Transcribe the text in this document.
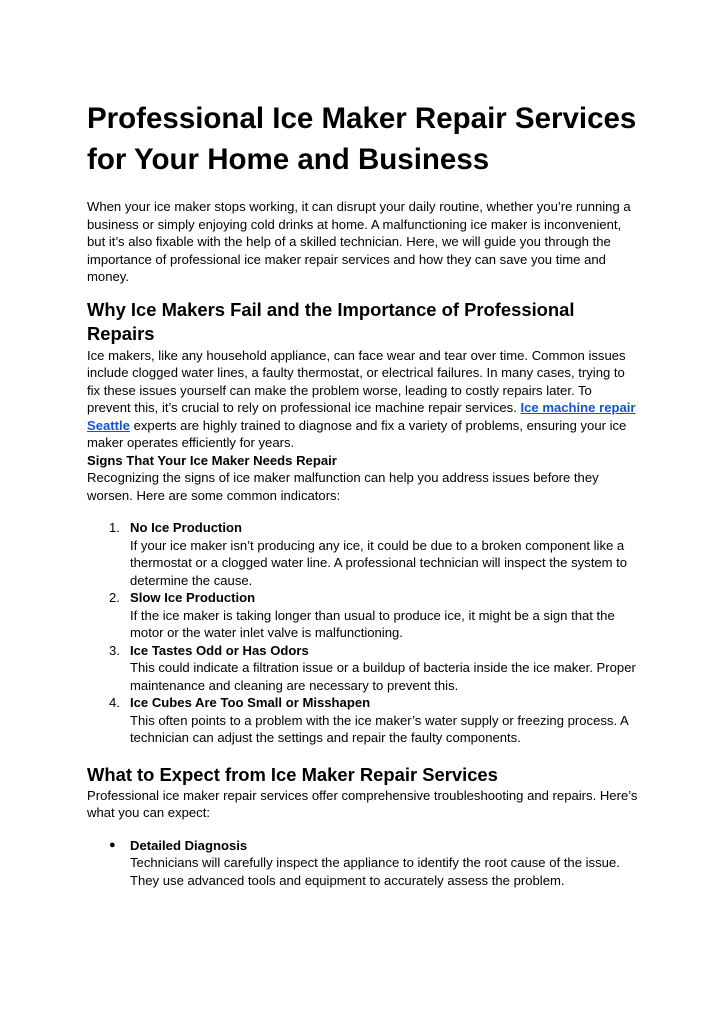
Professional Ice Maker Repair Services for Your Home and Business

When your ice maker stops working, it can disrupt your daily routine, whether you’re running a business or simply enjoying cold drinks at home. A malfunctioning ice maker is inconvenient, but it’s also fixable with the help of a skilled technician. Here, we will guide you through the importance of professional ice maker repair services and how they can save you time and money.

Why Ice Makers Fail and the Importance of Professional Repairs

Ice makers, like any household appliance, can face wear and tear over time. Common issues include clogged water lines, a faulty thermostat, or electrical failures. In many cases, trying to fix these issues yourself can make the problem worse, leading to costly repairs later. To prevent this, it’s crucial to rely on professional ice machine repair services. Ice machine repair Seattle experts are highly trained to diagnose and fix a variety of problems, ensuring your ice maker operates efficiently for years.

Signs That Your Ice Maker Needs Repair

Recognizing the signs of ice maker malfunction can help you address issues before they worsen. Here are some common indicators:

1. No Ice Production
If your ice maker isn’t producing any ice, it could be due to a broken component like a thermostat or a clogged water line. A professional technician will inspect the system to determine the cause.
2. Slow Ice Production
If the ice maker is taking longer than usual to produce ice, it might be a sign that the motor or the water inlet valve is malfunctioning.
3. Ice Tastes Odd or Has Odors
This could indicate a filtration issue or a buildup of bacteria inside the ice maker. Proper maintenance and cleaning are necessary to prevent this.
4. Ice Cubes Are Too Small or Misshapen
This often points to a problem with the ice maker’s water supply or freezing process. A technician can adjust the settings and repair the faulty components.
What to Expect from Ice Maker Repair Services

Professional ice maker repair services offer comprehensive troubleshooting and repairs. Here’s what you can expect:

● Detailed Diagnosis
Technicians will carefully inspect the appliance to identify the root cause of the issue. They use advanced tools and equipment to accurately assess the problem.
